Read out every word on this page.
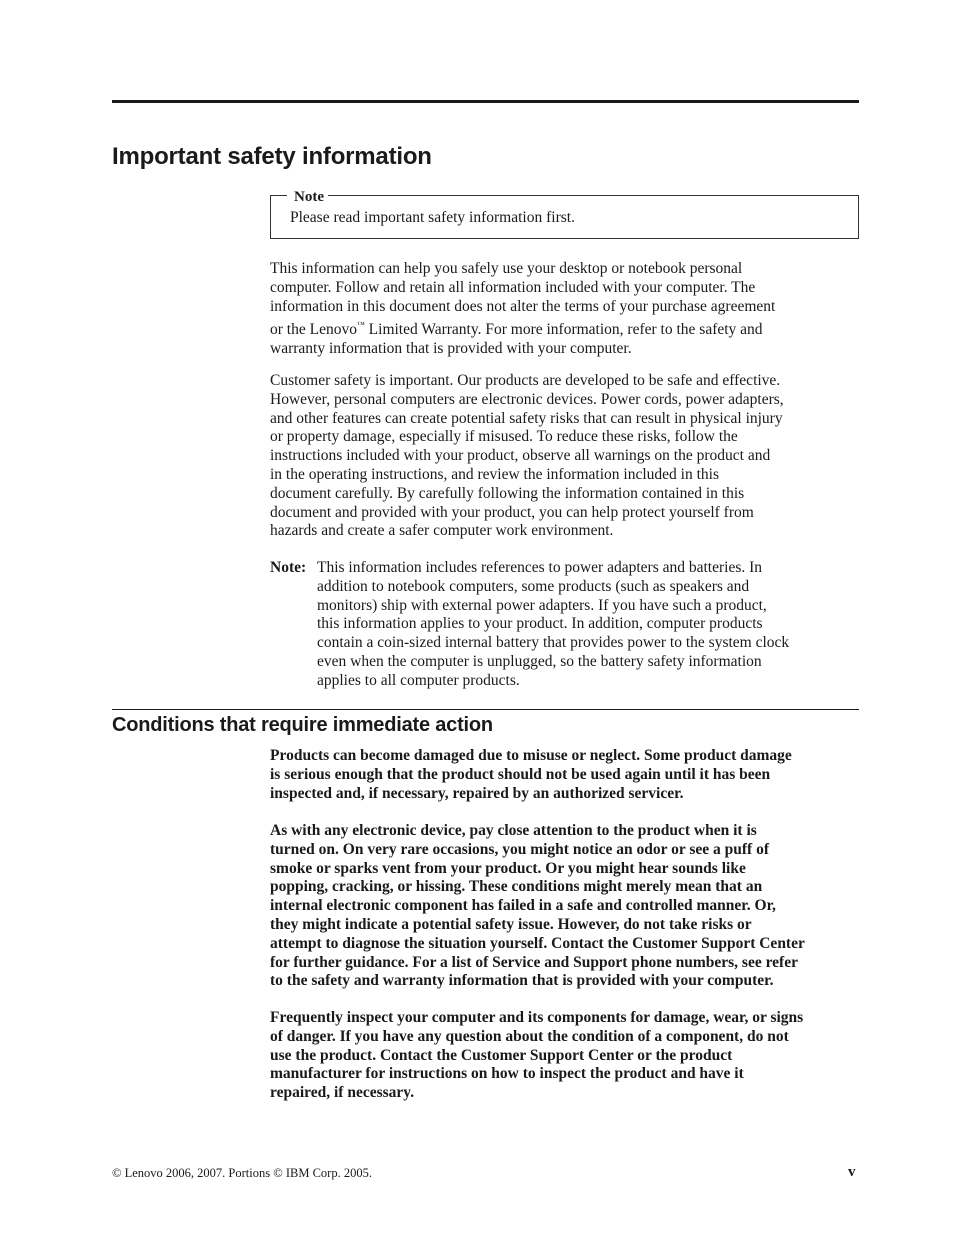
Important safety information
Note
Please read important safety information first.
This information can help you safely use your desktop or notebook personal
computer. Follow and retain all information included with your computer. The
information in this document does not alter the terms of your purchase agreement
or the Lenovo™ Limited Warranty. For more information, refer to the safety and
warranty information that is provided with your computer.
Customer safety is important. Our products are developed to be safe and effective.
However, personal computers are electronic devices. Power cords, power adapters,
and other features can create potential safety risks that can result in physical injury
or property damage, especially if misused. To reduce these risks, follow the
instructions included with your product, observe all warnings on the product and
in the operating instructions, and review the information included in this
document carefully. By carefully following the information contained in this
document and provided with your product, you can help protect yourself from
hazards and create a safer computer work environment.
Note: This information includes references to power adapters and batteries. In
addition to notebook computers, some products (such as speakers and
monitors) ship with external power adapters. If you have such a product,
this information applies to your product. In addition, computer products
contain a coin-sized internal battery that provides power to the system clock
even when the computer is unplugged, so the battery safety information
applies to all computer products.
Conditions that require immediate action
Products can become damaged due to misuse or neglect. Some product damage
is serious enough that the product should not be used again until it has been
inspected and, if necessary, repaired by an authorized servicer.
As with any electronic device, pay close attention to the product when it is
turned on. On very rare occasions, you might notice an odor or see a puff of
smoke or sparks vent from your product. Or you might hear sounds like
popping, cracking, or hissing. These conditions might merely mean that an
internal electronic component has failed in a safe and controlled manner. Or,
they might indicate a potential safety issue. However, do not take risks or
attempt to diagnose the situation yourself. Contact the Customer Support Center
for further guidance. For a list of Service and Support phone numbers, see refer
to the safety and warranty information that is provided with your computer.
Frequently inspect your computer and its components for damage, wear, or signs
of danger. If you have any question about the condition of a component, do not
use the product. Contact the Customer Support Center or the product
manufacturer for instructions on how to inspect the product and have it
repaired, if necessary.
© Lenovo 2006, 2007. Portions © IBM Corp. 2005.	v
